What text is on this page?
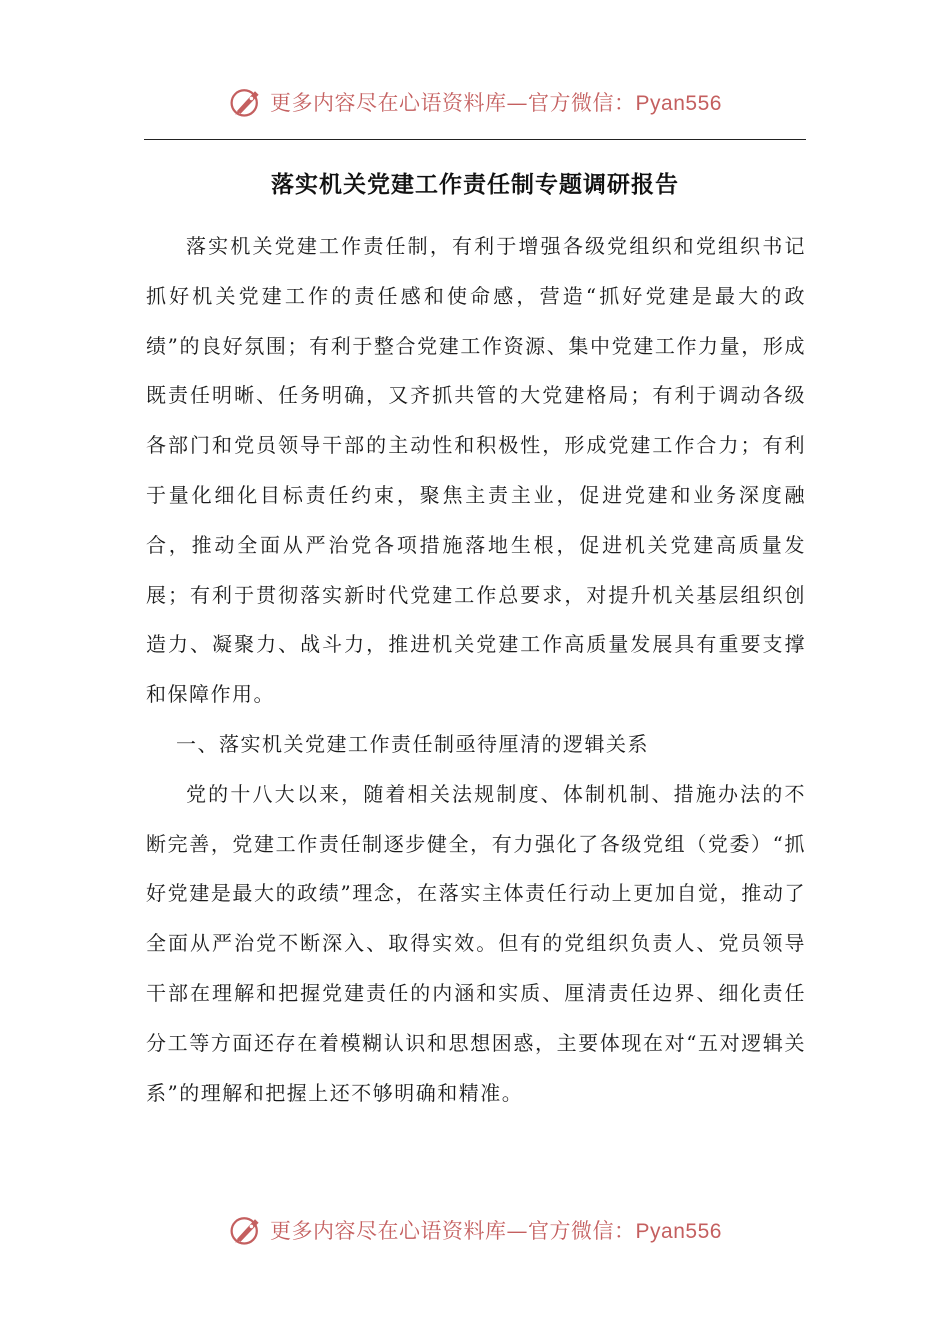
更多内容尽在心语资料库—官方微信：Pyan556
落实机关党建工作责任制专题调研报告

落实机关党建工作责任制，有利于增强各级党组织和党组织书记抓好机关党建工作的责任感和使命感，营造“抓好党建是最大的政绩”的良好氛围；有利于整合党建工作资源、集中党建工作力量，形成既责任明晰、任务明确，又齐抓共管的大党建格局；有利于调动各级各部门和党员领导干部的主动性和积极性，形成党建工作合力；有利于量化细化目标责任约束，聚焦主责主业，促进党建和业务深度融合，推动全面从严治党各项措施落地生根，促进机关党建高质量发展；有利于贯彻落实新时代党建工作总要求，对提升机关基层组织创造力、凝聚力、战斗力，推进机关党建工作高质量发展具有重要支撑和保障作用。

一、落实机关党建工作责任制亟待厘清的逻辑关系

党的十八大以来，随着相关法规制度、体制机制、措施办法的不断完善，党建工作责任制逐步健全，有力强化了各级党组（党委）“抓好党建是最大的政绩”理念，在落实主体责任行动上更加自觉，推动了全面从严治党不断深入、取得实效。但有的党组织负责人、党员领导干部在理解和把握党建责任的内涵和实质、厘清责任边界、细化责任分工等方面还存在着模糊认识和思想困惑，主要体现在对“五对逻辑关系”的理解和把握上还不够明确和精准。

更多内容尽在心语资料库—官方微信：Pyan556
